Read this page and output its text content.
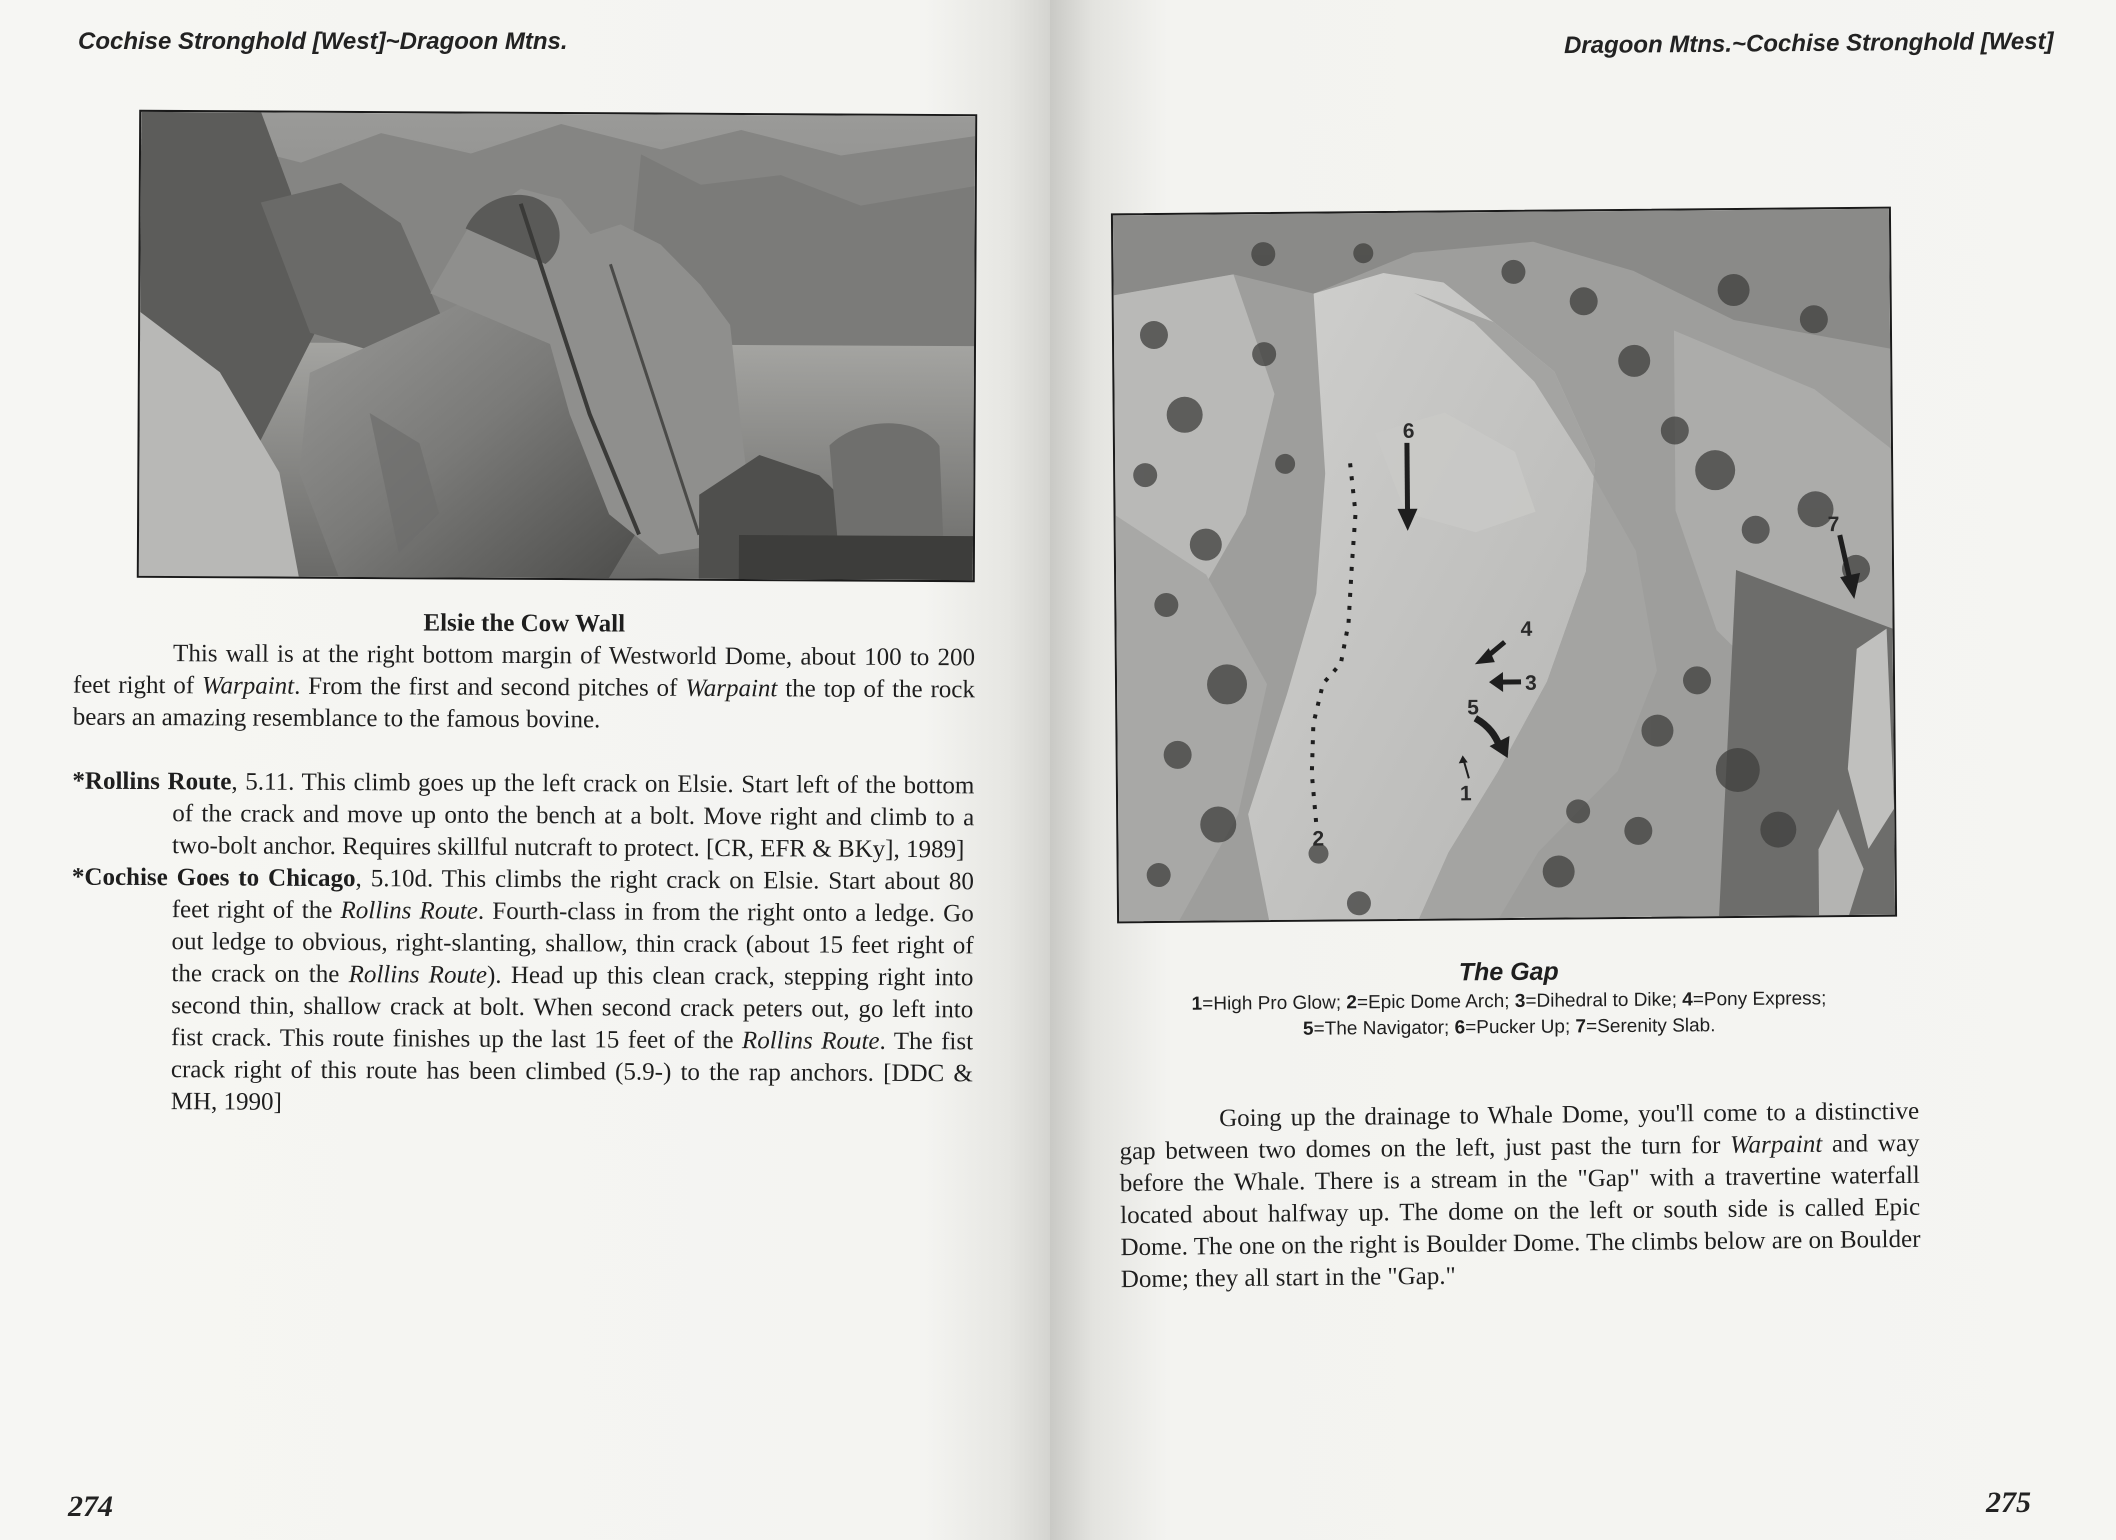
Cochise Stronghold [West]~Dragoon Mtns.

Elsie the Cow Wall

This wall is at the right bottom margin of Westworld Dome, about 100 to 200 feet right of Warpaint. From the first and second pitches of Warpaint the top of the rock bears an amazing resemblance to the famous bovine.

*Rollins Route, 5.11. This climb goes up the left crack on Elsie. Start left of the bottom of the crack and move up onto the bench at a bolt. Move right and climb to a two-bolt anchor. Requires skillful nutcraft to protect. [CR, EFR & BKy], 1989]

*Cochise Goes to Chicago, 5.10d. This climbs the right crack on Elsie. Start about 80 feet right of the Rollins Route. Fourth-class in from the right onto a ledge. Go out ledge to obvious, right-slanting, shallow, thin crack (about 15 feet right of the crack on the Rollins Route). Head up this clean crack, stepping right into second thin, shallow crack at bolt. When second crack peters out, go left into fist crack. This route finishes up the last 15 feet of the Rollins Route. The fist crack right of this route has been climbed (5.9-) to the rap anchors. [DDC & MH, 1990]

274
Dragoon Mtns.~Cochise Stronghold [West]
275
6
4
3
5
1
2
7

The Gap

1=High Pro Glow; 2=Epic Dome Arch; 3=Dihedral to Dike; 4=Pony Express;

5=The Navigator; 6=Pucker Up; 7=Serenity Slab.

Going up the drainage to Whale Dome, you'll come to a distinctive gap between two domes on the left, just past the turn for Warpaint and way before the Whale. There is a stream in the "Gap" with a travertine waterfall located about halfway up. The dome on the left or south side is called Epic Dome. The one on the right is Boulder Dome. The climbs below are on Boulder Dome; they all start in the "Gap."
